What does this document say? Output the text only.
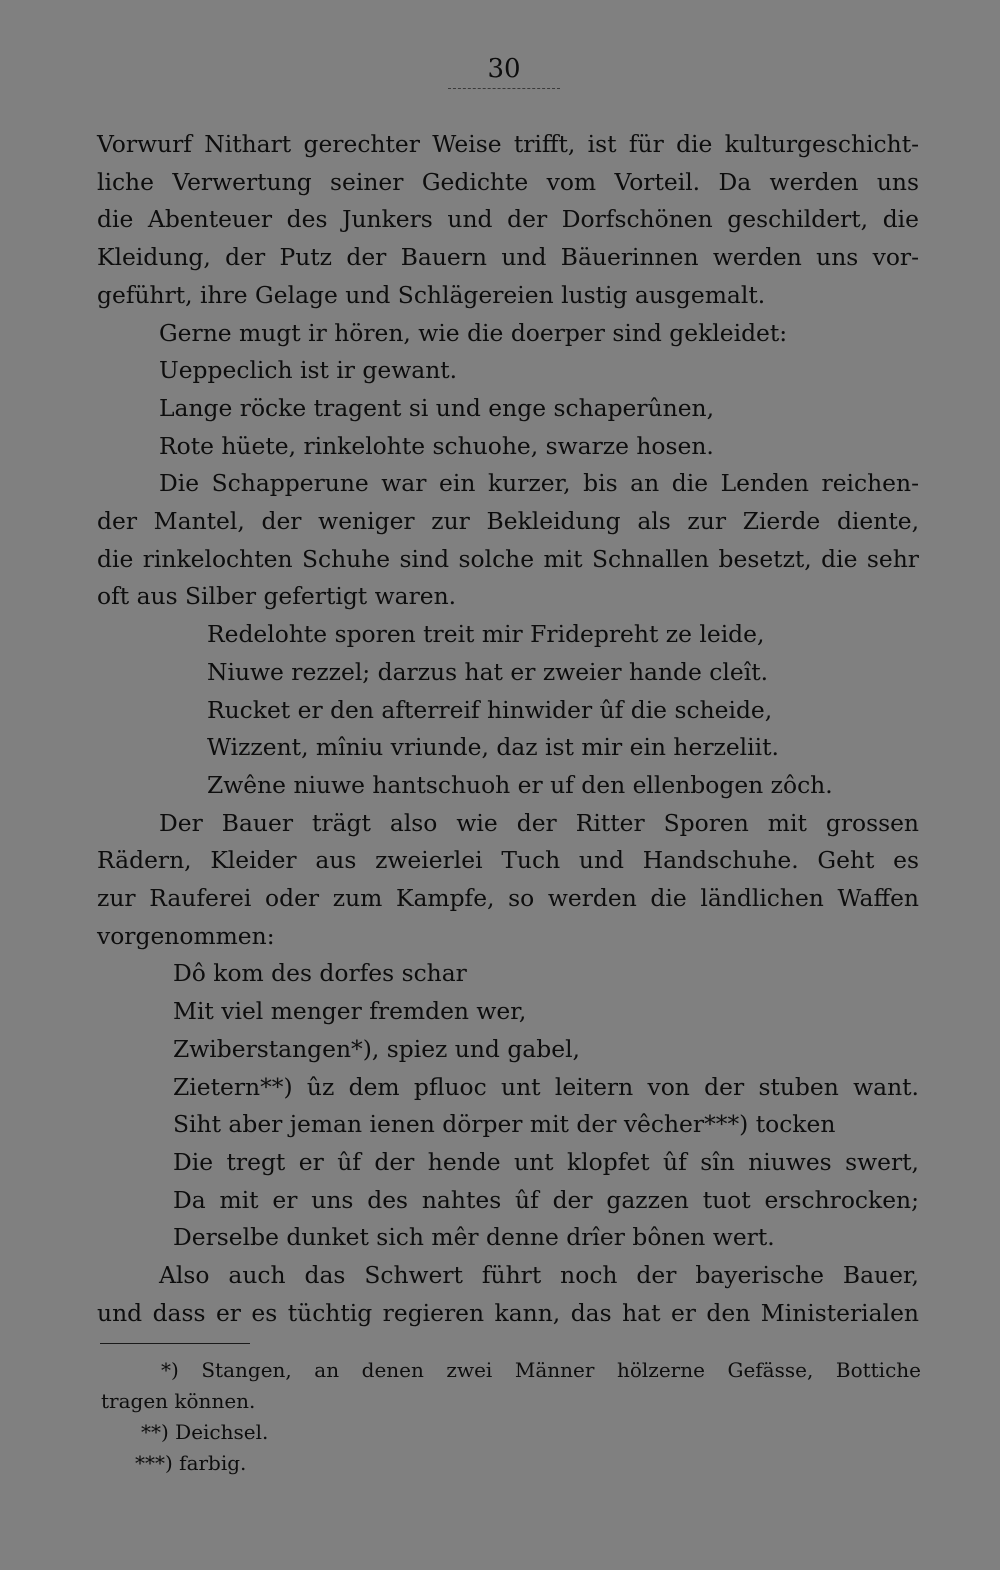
30
Vorwurf Nithart gerechter Weise trifft, ist für die kulturgeschicht-
liche Verwertung seiner Gedichte vom Vorteil. Da werden uns
die Abenteuer des Junkers und der Dorfschönen geschildert, die
Kleidung, der Putz der Bauern und Bäuerinnen werden uns vor-
geführt, ihre Gelage und Schlägereien lustig ausgemalt.
Gerne mugt ir hören, wie die doerper sind gekleidet:
Ueppeclich ist ir gewant.
Lange röcke tragent si und enge schaperûnen,
Rote hüete, rinkelohte schuohe, swarze hosen.
Die Schapperune war ein kurzer, bis an die Lenden reichen-
der Mantel, der weniger zur Bekleidung als zur Zierde diente,
die rinkelochten Schuhe sind solche mit Schnallen besetzt, die sehr
oft aus Silber gefertigt waren.
Redelohte sporen treit mir Fridepreht ze leide,
Niuwe rezzel; darzus hat er zweier hande cleît.
Rucket er den afterreif hinwider ûf die scheide,
Wizzent, mîniu vriunde, daz ist mir ein herzeliit.
Zwêne niuwe hantschuoh er uf den ellenbogen zôch.
Der Bauer trägt also wie der Ritter Sporen mit grossen
Rädern, Kleider aus zweierlei Tuch und Handschuhe. Geht es
zur Rauferei oder zum Kampfe, so werden die ländlichen Waffen
vorgenommen:
Dô kom des dorfes schar
Mit viel menger fremden wer,
Zwiberstangen*), spiez und gabel,
Zietern**) ûz dem pfluoc unt leitern von der stuben want.
Siht aber jeman ienen dörper mit der vêcher***) tocken
Die tregt er ûf der hende unt klopfet ûf sîn niuwes swert,
Da mit er uns des nahtes ûf der gazzen tuot erschrocken;
Derselbe dunket sich mêr denne drîer bônen wert.
Also auch das Schwert führt noch der bayerische Bauer,
und dass er es tüchtig regieren kann, das hat er den Ministerialen
*) Stangen, an denen zwei Männer hölzerne Gefässe, Bottiche
tragen können.
**) Deichsel.
***) farbig.
